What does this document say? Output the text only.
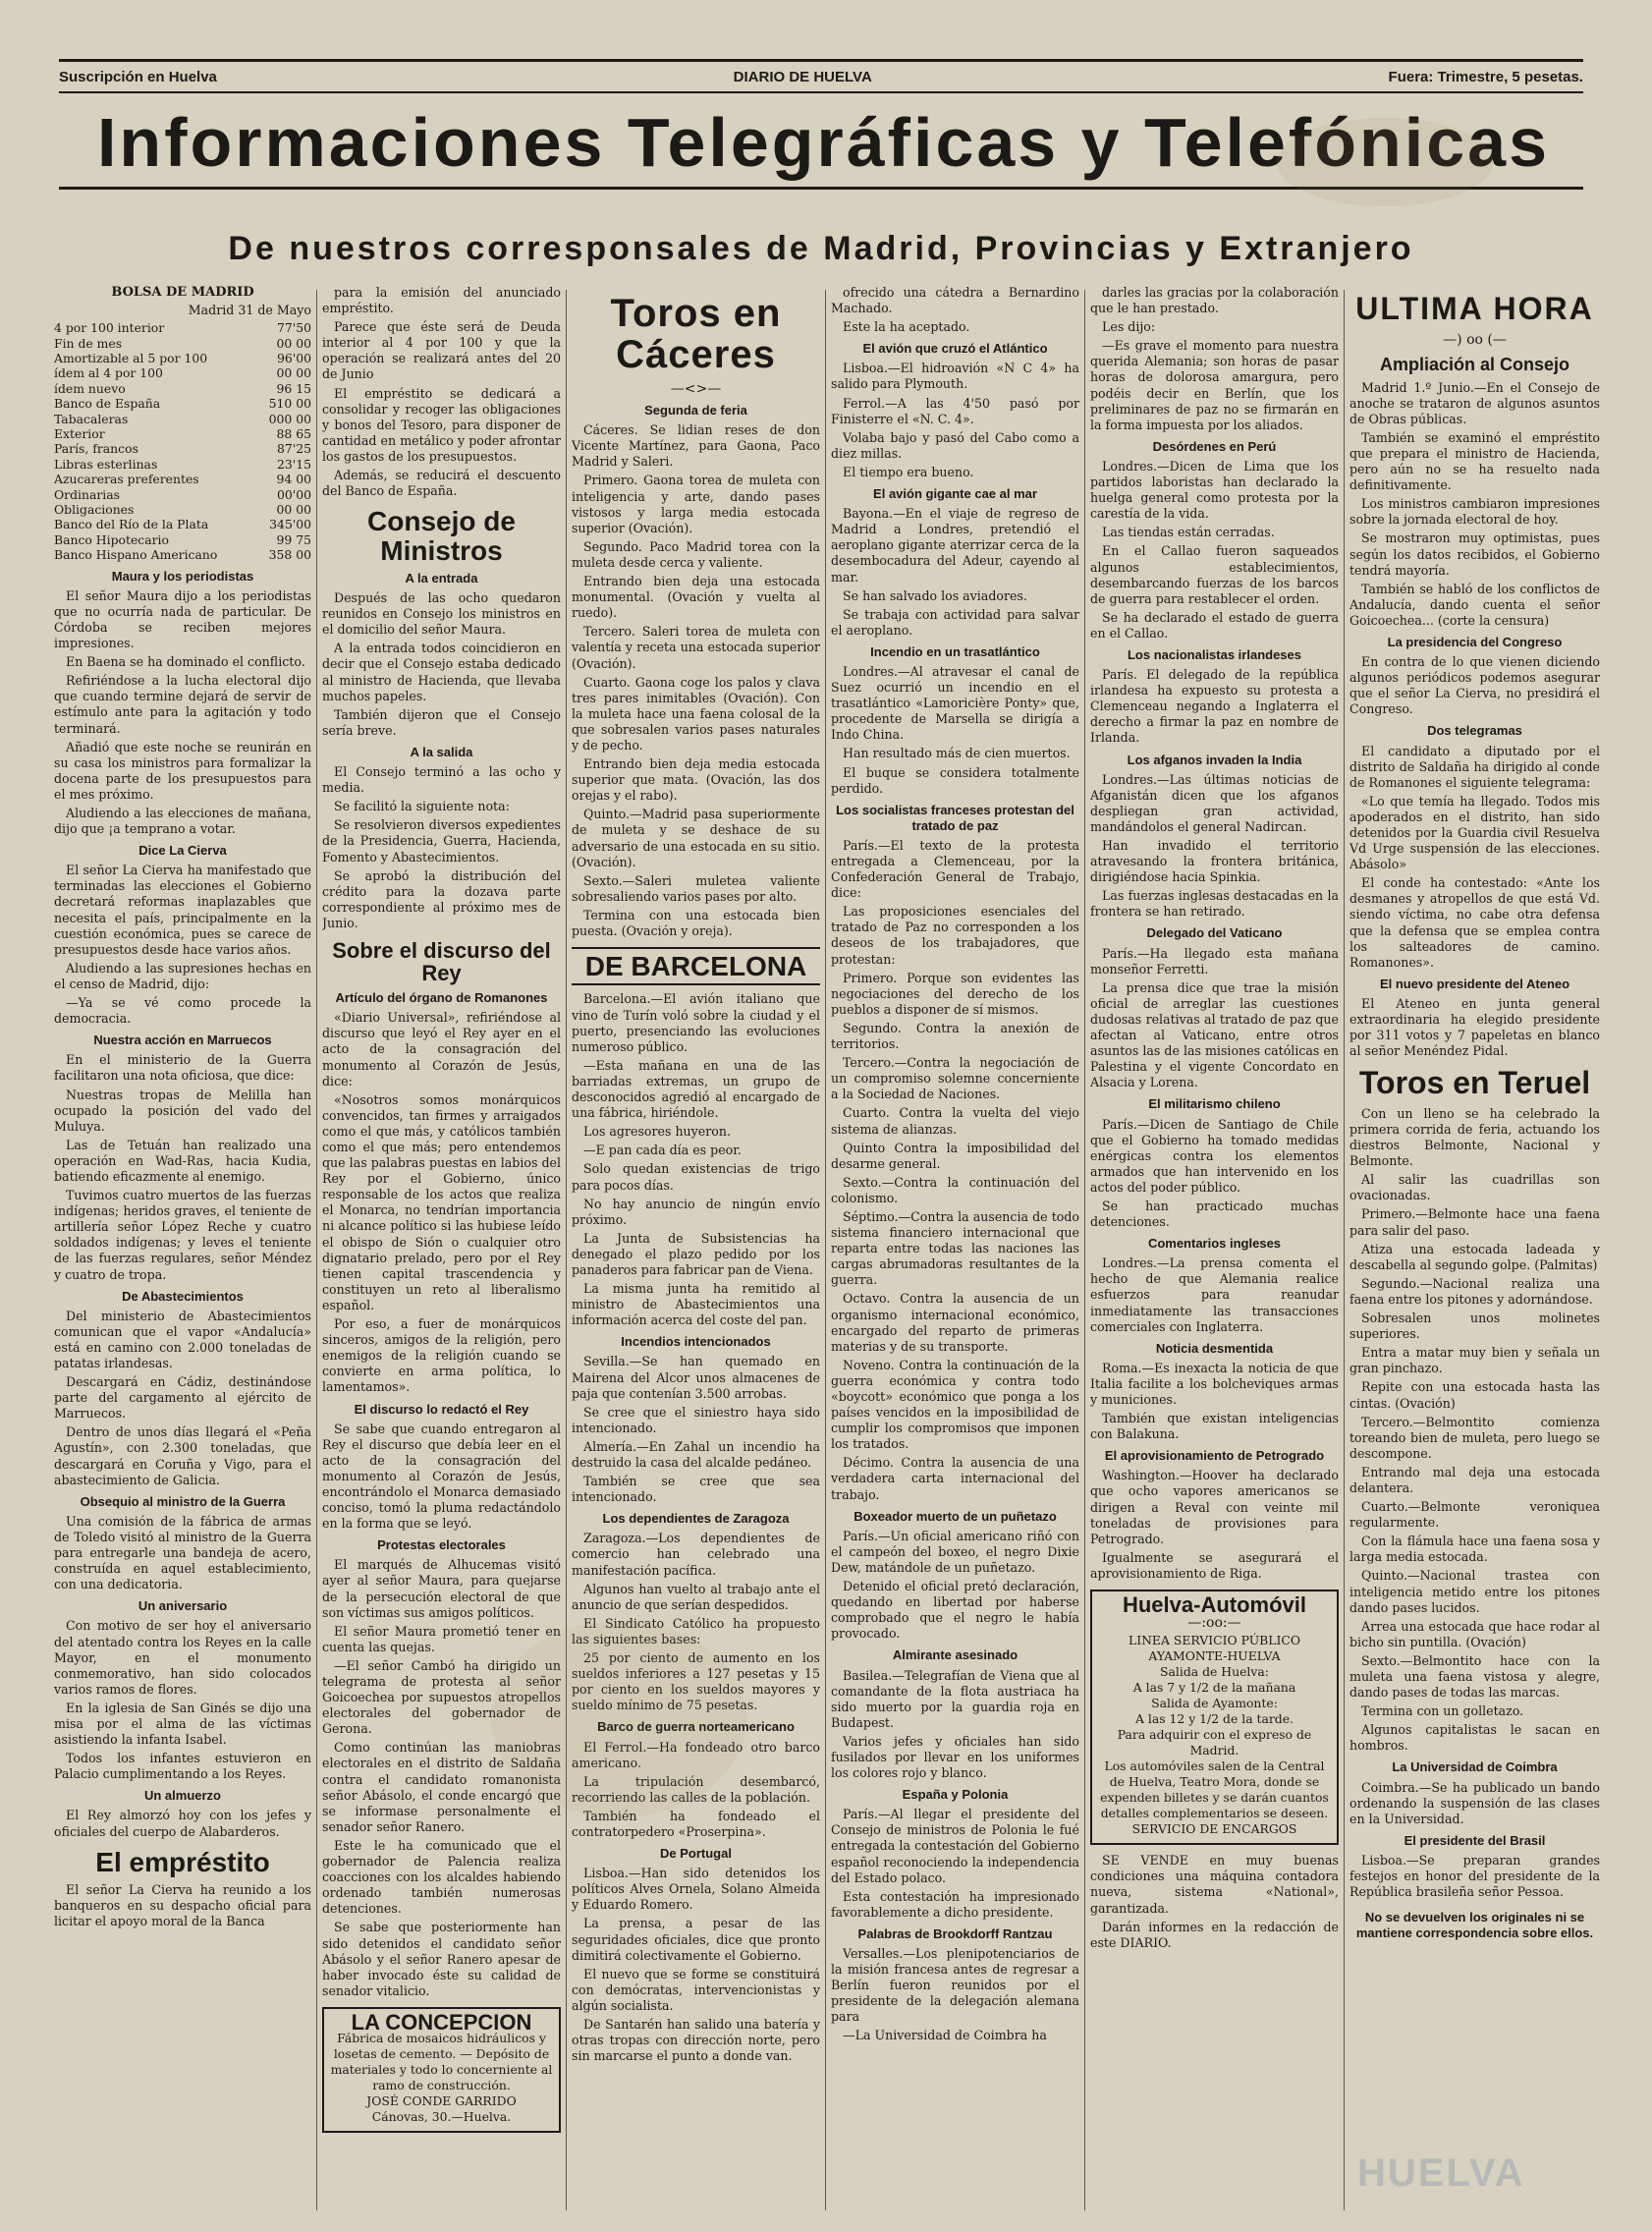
Suscripción en Huelva	DIARIO DE HUELVA	Fuera: Trimestre, 5 pesetas.
Informaciones Telegráficas y Telefónicas
De nuestros corresponsales de Madrid, Provincias y Extranjero
BOLSA DE MADRID
Madrid 31 de Mayo
4 por 100 interior	77'50
Fin de mes	00 00
Amortizable al 5 por 100	96'00
ídem al 4 por 100	00 00
ídem nuevo	96 15
Banco de España	510 00
Tabacaleras	000 00
Exterior	88 65
París, francos	87'25
Libras esterlinas	23'15
Azucareras preferentes	94 00
Ordinarias	00'00
Obligaciones	00 00
Banco del Río de la Plata	345'00
Banco Hipotecario	99 75
Banco Hispano Americano	358 00
Maura y los periodistas

El señor Maura dijo a los periodistas que no ocurría nada de particular. De Córdoba se reciben mejores impresiones.

En Baena se ha dominado el conflicto.

Refiriéndose a la lucha electoral dijo que cuando termine dejará de servir de estímulo ante para la agitación y todo terminará.

Añadió que este noche se reunirán en su casa los ministros para formalizar la docena parte de los presupuestos para el mes próximo.

Aludiendo a las elecciones de mañana, dijo que ¡a temprano a votar.

Dice La Cierva

El señor La Cierva ha manifestado que terminadas las elecciones el Gobierno decretará reformas inaplazables que necesita el país, principalmente en la cuestión económica, pues se carece de presupuestos desde hace varios años.

Aludiendo a las supresiones hechas en el censo de Madrid, dijo:

—Ya se vé como procede la democracia.

Nuestra acción en Marruecos

En el ministerio de la Guerra facilitaron una nota oficiosa, que dice:

Nuestras tropas de Melilla han ocupado la posición del vado del Muluya.

Las de Tetuán han realizado una operación en Wad-Ras, hacia Kudia, batiendo eficazmente al enemigo.

Tuvimos cuatro muertos de las fuerzas indígenas; heridos graves, el teniente de artillería señor López Reche y cuatro soldados indígenas; y leves el teniente de las fuerzas regulares, señor Méndez y cuatro de tropa.

De Abastecimientos

Del ministerio de Abastecimientos comunican que el vapor «Andalucía» está en camino con 2.000 toneladas de patatas irlandesas.

Descargará en Cádiz, destinándose parte del cargamento al ejército de Marruecos.

Dentro de unos días llegará el «Peña Agustín», con 2.300 toneladas, que descargará en Coruña y Vigo, para el abastecimiento de Galicia.

Obsequio al ministro de la Guerra

Una comisión de la fábrica de armas de Toledo visitó al ministro de la Guerra para entregarle una bandeja de acero, construída en aquel establecimiento, con una dedicatoria.

Un aniversario

Con motivo de ser hoy el aniversario del atentado contra los Reyes en la calle Mayor, en el monumento conmemorativo, han sido colocados varios ramos de flores.

En la iglesia de San Ginés se dijo una misa por el alma de las víctimas asistiendo la infanta Isabel.

Todos los infantes estuvieron en Palacio cumplimentando a los Reyes.

Un almuerzo

El Rey almorzó hoy con los jefes y oficiales del cuerpo de Alabarderos.

El empréstito

El señor La Cierva ha reunido a los banqueros en su despacho oficial para licitar el apoyo moral de la Banca

para la emisión del anunciado empréstito.

Parece que éste será de Deuda interior al 4 por 100 y que la operación se realizará antes del 20 de Junio

El empréstito se dedicará a consolidar y recoger las obligaciones y bonos del Tesoro, para disponer de cantidad en metálico y poder afrontar los gastos de los presupuestos.

Además, se reducirá el descuento del Banco de España.

Consejo de Ministros
A la entrada

Después de las ocho quedaron reunidos en Consejo los ministros en el domicilio del señor Maura.

A la entrada todos coincidieron en decir que el Consejo estaba dedicado al ministro de Hacienda, que llevaba muchos papeles.

También dijeron que el Consejo sería breve.

A la salida

El Consejo terminó a las ocho y media.

Se facilitó la siguiente nota:

Se resolvieron diversos expedientes de la Presidencia, Guerra, Hacienda, Fomento y Abastecimientos.

Se aprobó la distribución del crédito para la dozava parte correspondiente al próximo mes de Junio.

Sobre el discurso del Rey
Artículo del órgano de Romanones

«Diario Universal», refiriéndose al discurso que leyó el Rey ayer en el acto de la consagración del monumento al Corazón de Jesús, dice:

«Nosotros somos monárquicos convencidos, tan firmes y arraigados como el que más, y católicos también como el que más; pero entendemos que las palabras puestas en labios del Rey por el Gobierno, único responsable de los actos que realiza el Monarca, no tendrían importancia ni alcance político si las hubiese leído el obispo de Sión o cualquier otro dignatario prelado, pero por el Rey tienen capital trascendencia y constituyen un reto al liberalismo español.

Por eso, a fuer de monárquicos sinceros, amigos de la religión, pero enemigos de la religión cuando se convierte en arma política, lo lamentamos».

El discurso lo redactó el Rey

Se sabe que cuando entregaron al Rey el discurso que debía leer en el acto de la consagración del monumento al Corazón de Jesús, encontrándolo el Monarca demasiado conciso, tomó la pluma redactándolo en la forma que se leyó.

Protestas electorales

El marqués de Alhucemas visitó ayer al señor Maura, para quejarse de la persecución electoral de que son víctimas sus amigos políticos.

El señor Maura prometió tener en cuenta las quejas.

—El señor Cambó ha dirigido un telegrama de protesta al señor Goicoechea por supuestos atropellos electorales del gobernador de Gerona.

Como continúan las maniobras electorales en el distrito de Saldaña contra el candidato romanonista señor Abásolo, el conde encargó que se informase personalmente el senador señor Ranero.

Este le ha comunicado que el gobernador de Palencia realiza coacciones con los alcaldes habiendo ordenado también numerosas detenciones.

Se sabe que posteriormente han sido detenidos el candidato señor Abásolo y el señor Ranero apesar de haber invocado éste su calidad de senador vitalicio.

LA CONCEPCION
Fábrica de mosaicos hidráulicos y losetas de cemento. — Depósito de materiales y todo lo concerniente al ramo de construcción.
JOSÉ CONDE GARRIDO
Cánovas, 30.—Huelva.
Toros en Cáceres
—<>—
Segunda de feria

Cáceres. Se lidian reses de don Vicente Martínez, para Gaona, Paco Madrid y Saleri.

Primero. Gaona torea de muleta con inteligencia y arte, dando pases vistosos y larga media estocada superior (Ovación).

Segundo. Paco Madrid torea con la muleta desde cerca y valiente.

Entrando bien deja una estocada monumental. (Ovación y vuelta al ruedo).

Tercero. Saleri torea de muleta con valentía y receta una estocada superior (Ovación).

Cuarto. Gaona coge los palos y clava tres pares inimitables (Ovación). Con la muleta hace una faena colosal de la que sobresalen varios pases naturales y de pecho.

Entrando bien deja media estocada superior que mata. (Ovación, las dos orejas y el rabo).

Quinto.—Madrid pasa superiormente de muleta y se deshace de su adversario de una estocada en su sitio. (Ovación).

Sexto.—Saleri muletea valiente sobresaliendo varios pases por alto.

Termina con una estocada bien puesta. (Ovación y oreja).

DE BARCELONA

Barcelona.—El avión italiano que vino de Turín voló sobre la ciudad y el puerto, presenciando las evoluciones numeroso público.

—Esta mañana en una de las barriadas extremas, un grupo de desconocidos agredió al encargado de una fábrica, hiriéndole.

Los agresores huyeron.

—E pan cada día es peor.

Solo quedan existencias de trigo para pocos días.

No hay anuncio de ningún envío próximo.

La Junta de Subsistencias ha denegado el plazo pedido por los panaderos para fabricar pan de Viena.

La misma junta ha remitido al ministro de Abastecimientos una información acerca del coste del pan.

Incendios intencionados

Sevilla.—Se han quemado en Mairena del Alcor unos almacenes de paja que contenían 3.500 arrobas.

Se cree que el siniestro haya sido intencionado.

Almería.—En Zahal un incendio ha destruido la casa del alcalde pedáneo.

También se cree que sea intencionado.

Los dependientes de Zaragoza

Zaragoza.—Los dependientes de comercio han celebrado una manifestación pacífica.

Algunos han vuelto al trabajo ante el anuncio de que serían despedidos.

El Sindicato Católico ha propuesto las siguientes bases:

25 por ciento de aumento en los sueldos inferiores a 127 pesetas y 15 por ciento en los sueldos mayores y sueldo mínimo de 75 pesetas.

Barco de guerra norteamericano

El Ferrol.—Ha fondeado otro barco americano.

La tripulación desembarcó, recorriendo las calles de la población.

También ha fondeado el contratorpedero «Proserpina».

De Portugal

Lisboa.—Han sido detenidos los políticos Alves Ornela, Solano Almeida y Eduardo Romero.

La prensa, a pesar de las seguridades oficiales, dice que pronto dimitirá colectivamente el Gobierno.

El nuevo que se forme se constituirá con demócratas, intervencionistas y algún socialista.

De Santarén han salido una batería y otras tropas con dirección norte, pero sin marcarse el punto a donde van.

ofrecido una cátedra a Bernardino Machado.

Este la ha aceptado.

El avión que cruzó el Atlántico

Lisboa.—El hidroavión «N C 4» ha salido para Plymouth.

Ferrol.—A las 4'50 pasó por Finisterre el «N. C. 4».

Volaba bajo y pasó del Cabo como a diez millas.

El tiempo era bueno.

El avión gigante cae al mar

Bayona.—En el viaje de regreso de Madrid a Londres, pretendió el aeroplano gigante aterrizar cerca de la desembocadura del Adeur, cayendo al mar.

Se han salvado los aviadores.

Se trabaja con actividad para salvar el aeroplano.

Incendio en un trasatlántico

Londres.—Al atravesar el canal de Suez ocurrió un incendio en el trasatlántico «Lamoricière Ponty» que, procedente de Marsella se dirigía a Indo China.

Han resultado más de cien muertos.

El buque se considera totalmente perdido.

Los socialistas franceses protestan del tratado de paz

París.—El texto de la protesta entregada a Clemenceau, por la Confederación General de Trabajo, dice:

Las proposiciones esenciales del tratado de Paz no corresponden a los deseos de los trabajadores, que protestan:

Primero. Porque son evidentes las negociaciones del derecho de los pueblos a disponer de sí mismos.

Segundo. Contra la anexión de territorios.

Tercero.—Contra la negociación de un compromiso solemne concerniente a la Sociedad de Naciones.

Cuarto. Contra la vuelta del viejo sistema de alianzas.

Quinto Contra la imposibilidad del desarme general.

Sexto.—Contra la continuación del colonismo.

Séptimo.—Contra la ausencia de todo sistema financiero internacional que reparta entre todas las naciones las cargas abrumadoras resultantes de la guerra.

Octavo. Contra la ausencia de un organismo internacional económico, encargado del reparto de primeras materias y de su transporte.

Noveno. Contra la continuación de la guerra económica y contra todo «boycott» económico que ponga a los países vencidos en la imposibilidad de cumplir los compromisos que imponen los tratados.

Décimo. Contra la ausencia de una verdadera carta internacional del trabajo.

Boxeador muerto de un puñetazo

París.—Un oficial americano riñó con el campeón del boxeo, el negro Dixie Dew, matándole de un puñetazo.

Detenido el oficial pretó declaración, quedando en libertad por haberse comprobado que el negro le había provocado.

Almirante asesinado

Basilea.—Telegrafían de Viena que al comandante de la flota austriaca ha sido muerto por la guardia roja en Budapest.

Varios jefes y oficiales han sido fusilados por llevar en los uniformes los colores rojo y blanco.

España y Polonia

París.—Al llegar el presidente del Consejo de ministros de Polonia le fué entregada la contestación del Gobierno español reconociendo la independencia del Estado polaco.

Esta contestación ha impresionado favorablemente a dicho presidente.

Palabras de Brookdorff Rantzau

Versalles.—Los plenipotenciarios de la misión francesa antes de regresar a Berlín fueron reunidos por el presidente de la delegación alemana para

—La Universidad de Coimbra ha

darles las gracias por la colaboración que le han prestado.

Les dijo:

—Es grave el momento para nuestra querida Alemania; son horas de pasar horas de dolorosa amargura, pero podéis decir en Berlín, que los preliminares de paz no se firmarán en la forma impuesta por los aliados.

Desórdenes en Perú

Londres.—Dicen de Lima que los partidos laboristas han declarado la huelga general como protesta por la carestía de la vida.

Las tiendas están cerradas.

En el Callao fueron saqueados algunos establecimientos, desembarcando fuerzas de los barcos de guerra para restablecer el orden.

Se ha declarado el estado de guerra en el Callao.

Los nacionalistas irlandeses

París. El delegado de la república irlandesa ha expuesto su protesta a Clemenceau negando a Inglaterra el derecho a firmar la paz en nombre de Irlanda.

Los afganos invaden la India

Londres.—Las últimas noticias de Afganistán dicen que los afganos despliegan gran actividad, mandándolos el general Nadircan.

Han invadido el territorio atravesando la frontera británica, dirigiéndose hacia Spinkia.

Las fuerzas inglesas destacadas en la frontera se han retirado.

Delegado del Vaticano

París.—Ha llegado esta mañana monseñor Ferretti.

La prensa dice que trae la misión oficial de arreglar las cuestiones dudosas relativas al tratado de paz que afectan al Vaticano, entre otros asuntos las de las misiones católicas en Palestina y el vigente Concordato en Alsacia y Lorena.

El militarismo chileno

París.—Dicen de Santiago de Chile que el Gobierno ha tomado medidas enérgicas contra los elementos armados que han intervenido en los actos del poder público.

Se han practicado muchas detenciones.

Comentarios ingleses

Londres.—La prensa comenta el hecho de que Alemania realice esfuerzos para reanudar inmediatamente las transacciones comerciales con Inglaterra.

Noticia desmentida

Roma.—Es inexacta la noticia de que Italia facilite a los bolcheviques armas y municiones.

También que existan inteligencias con Balakuna.

El aprovisionamiento de Petrogrado

Washington.—Hoover ha declarado que ocho vapores americanos se dirigen a Reval con veinte mil toneladas de provisiones para Petrogrado.

Igualmente se asegurará el aprovisionamiento de Riga.

Huelva-Automóvil
—:oo:—
LINEA SERVICIO PÚBLICO
AYAMONTE-HUELVA
Salida de Huelva:
A las 7 y 1/2 de la mañana
Salida de Ayamonte:
A las 12 y 1/2 de la tarde.
Para adquirir con el expreso de Madrid.
Los automóviles salen de la Central de Huelva, Teatro Mora, donde se expenden billetes y se darán cuantos detalles complementarios se deseen.
SERVICIO DE ENCARGOS

SE VENDE en muy buenas condiciones una máquina contadora nueva, sistema «National», garantizada.

Darán informes en la redacción de este DIARIO.

ULTIMA HORA
—) oo (—
Ampliación al Consejo

Madrid 1.º Junio.—En el Consejo de anoche se trataron de algunos asuntos de Obras públicas.

También se examinó el empréstito que prepara el ministro de Hacienda, pero aún no se ha resuelto nada definitivamente.

Los ministros cambiaron impresiones sobre la jornada electoral de hoy.

Se mostraron muy optimistas, pues según los datos recibidos, el Gobierno tendrá mayoría.

También se habló de los conflictos de Andalucía, dando cuenta el señor Goicoechea... (corte la censura)

La presidencia del Congreso

En contra de lo que vienen diciendo algunos periódicos podemos asegurar que el señor La Cierva, no presidirá el Congreso.

Dos telegramas

El candidato a diputado por el distrito de Saldaña ha dirigido al conde de Romanones el siguiente telegrama:

«Lo que temía ha llegado. Todos mis apoderados en el distrito, han sido detenidos por la Guardia civil Resuelva Vd Urge suspensión de las elecciones. Abásolo»

El conde ha contestado: «Ante los desmanes y atropellos de que está Vd. siendo víctima, no cabe otra defensa que la defensa que se emplea contra los salteadores de camino. Romanones».

El nuevo presidente del Ateneo

El Ateneo en junta general extraordinaria ha elegido presidente por 311 votos y 7 papeletas en blanco al señor Menéndez Pidal.

Toros en Teruel

Con un lleno se ha celebrado la primera corrida de feria, actuando los diestros Belmonte, Nacional y Belmonte.

Al salir las cuadrillas son ovacionadas.

Primero.—Belmonte hace una faena para salir del paso.

Atiza una estocada ladeada y descabella al segundo golpe. (Palmitas)

Segundo.—Nacional realiza una faena entre los pitones y adornándose.

Sobresalen unos molinetes superiores.

Entra a matar muy bien y señala un gran pinchazo.

Repite con una estocada hasta las cintas. (Ovación)

Tercero.—Belmontito comienza toreando bien de muleta, pero luego se descompone.

Entrando mal deja una estocada delantera.

Cuarto.—Belmonte veroniquea regularmente.

Con la flámula hace una faena sosa y larga media estocada.

Quinto.—Nacional trastea con inteligencia metido entre los pitones dando pases lucidos.

Arrea una estocada que hace rodar al bicho sin puntilla. (Ovación)

Sexto.—Belmontito hace con la muleta una faena vistosa y alegre, dando pases de todas las marcas.

Termina con un golletazo.

Algunos capitalistas le sacan en hombros.

La Universidad de Coimbra

Coimbra.—Se ha publicado un bando ordenando la suspensión de las clases en la Universidad.

El presidente del Brasil

Lisboa.—Se preparan grandes festejos en honor del presidente de la República brasileña señor Pessoa.

No se devuelven los originales ni se mantiene correspondencia sobre ellos.
HUELVA
